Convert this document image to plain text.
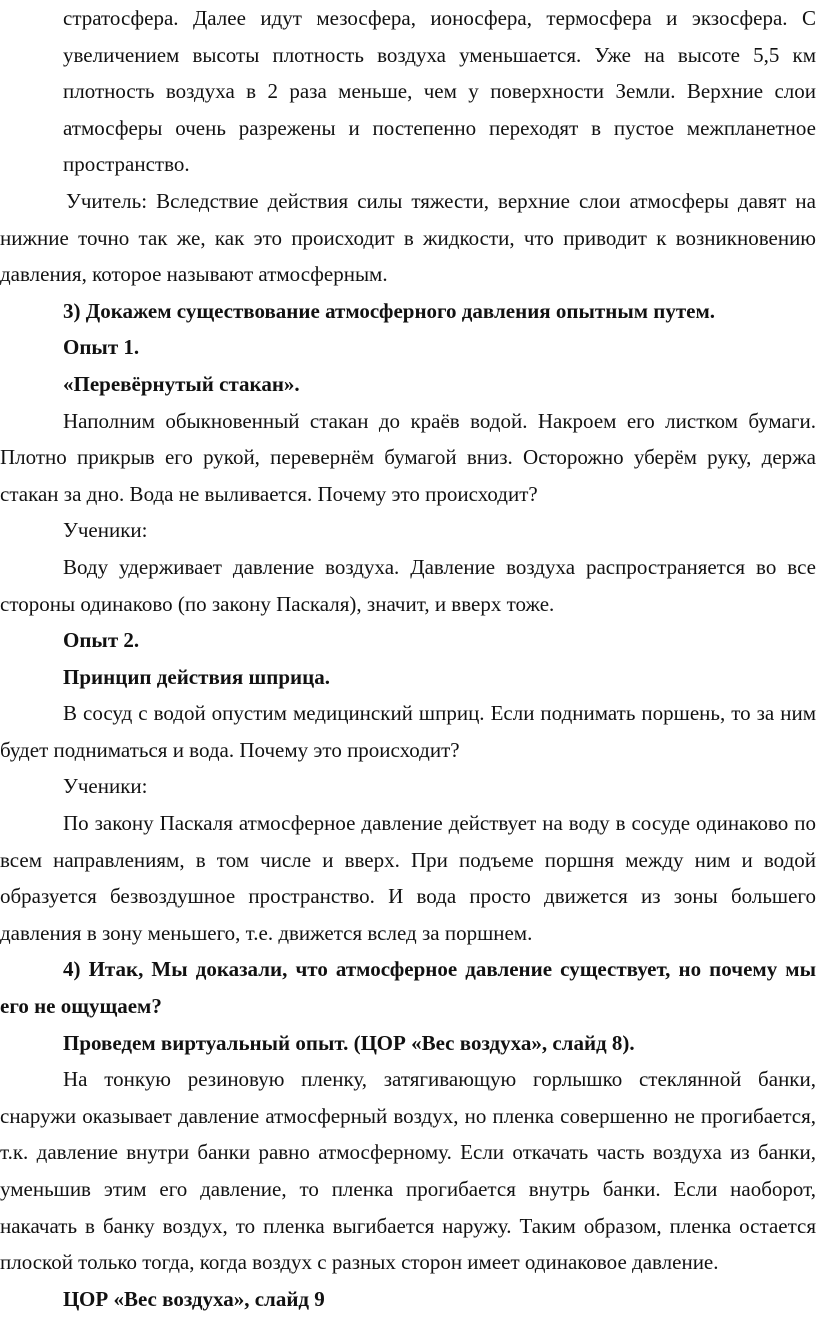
стратосфера. Далее идут мезосфера, ионосфера, термосфера и экзосфера. С увеличением высоты плотность воздуха уменьшается. Уже на высоте 5,5 км плотность воздуха в 2 раза меньше, чем у поверхности Земли. Верхние слои атмосферы очень разрежены и постепенно переходят в пустое межпланетное пространство.

Учитель: Вследствие действия силы тяжести, верхние слои атмосферы давят на нижние точно так же, как это происходит в жидкости, что приводит к возникновению давления, которое называют атмосферным.

3) Докажем существование атмосферного давления опытным путем.

Опыт 1.

«Перевёрнутый стакан».

Наполним обыкновенный стакан до краёв водой. Накроем его листком бумаги. Плотно прикрыв его рукой, перевернём бумагой вниз. Осторожно уберём руку, держа стакан за дно. Вода не выливается. Почему это происходит?

Ученики:

Воду удерживает давление воздуха. Давление воздуха распространяется во все стороны одинаково (по закону Паскаля), значит, и вверх тоже.

Опыт 2.

Принцип действия шприца.

В сосуд с водой опустим медицинский шприц. Если поднимать поршень, то за ним будет подниматься и вода. Почему это происходит?

Ученики:

По закону Паскаля атмосферное давление действует на воду в сосуде одинаково по всем направлениям, в том числе и вверх. При подъеме поршня между ним и водой образуется безвоздушное пространство. И вода просто движется из зоны большего давления в зону меньшего, т.е. движется вслед за поршнем.

4) Итак, Мы доказали, что атмосферное давление существует, но почему мы его не ощущаем?

Проведем виртуальный опыт. (ЦОР «Вес воздуха», слайд 8).

На тонкую резиновую пленку, затягивающую горлышко стеклянной банки, снаружи оказывает давление атмосферный воздух, но пленка совершенно не прогибается, т.к. давление внутри банки равно атмосферному. Если откачать часть воздуха из банки, уменьшив этим его давление, то пленка прогибается внутрь банки. Если наоборот, накачать в банку воздух, то пленка выгибается наружу. Таким образом, пленка остается плоской только тогда, когда воздух с разных сторон имеет одинаковое давление.

ЦОР «Вес воздуха», слайд 9
